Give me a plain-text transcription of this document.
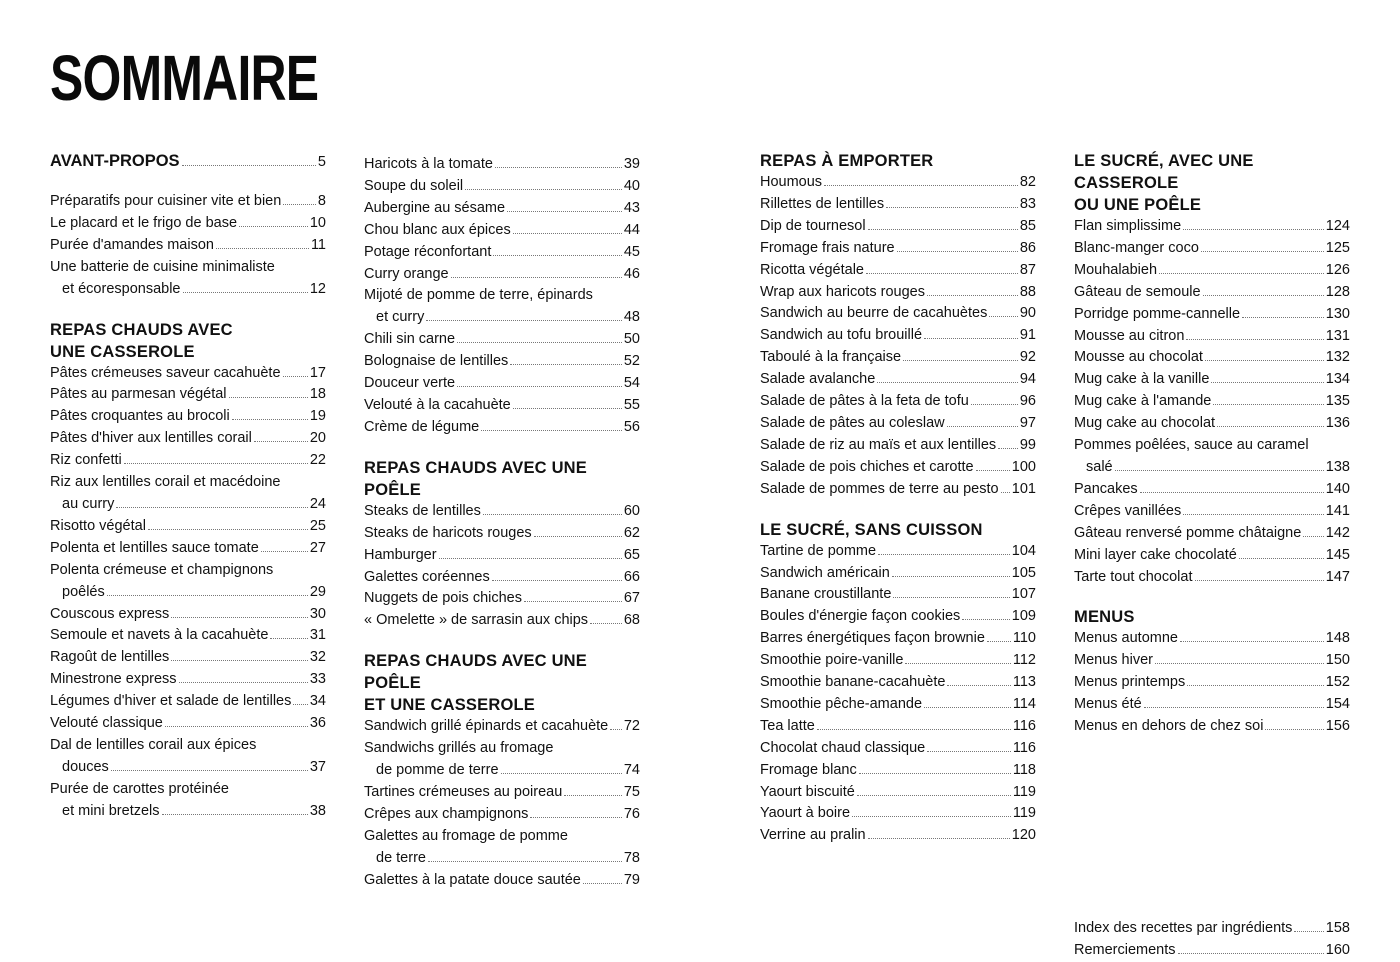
SOMMAIRE
AVANT-PROPOS	5
Préparatifs pour cuisiner vite et bien	8
Le placard et le frigo de base	10
Purée d'amandes maison	11
Une batterie de cuisine minimaliste
et écoresponsable	12
REPAS CHAUDS AVEC
UNE CASSEROLE
Pâtes crémeuses saveur cacahuète 17
Pâtes au parmesan végétal	18
Pâtes croquantes au brocoli	19
Pâtes d'hiver aux lentilles corail	20
Riz confetti	22
Riz aux lentilles corail et macédoine
au curry	24
Risotto végétal	25
Polenta et lentilles sauce tomate	27
Polenta crémeuse et champignons
poêlés	29
Couscous express	30
Semoule et navets à la cacahuète	31
Ragoût de lentilles	32
Minestrone express	33
Légumes d'hiver et salade de lentilles 34
Velouté classique	36
Dal de lentilles corail aux épices
douces	37
Purée de carottes protéinée
et mini bretzels	38
Haricots à la tomate	39
Soupe du soleil	40
Aubergine au sésame	43
Chou blanc aux épices	44
Potage réconfortant	45
Curry orange	46
Mijoté de pomme de terre, épinards
et curry	48
Chili sin carne	50
Bolognaise de lentilles	52
Douceur verte	54
Velouté à la cacahuète	55
Crème de légume	56
REPAS CHAUDS AVEC UNE POÊLE
Steaks de lentilles	60
Steaks de haricots rouges	62
Hamburger	65
Galettes coréennes	66
Nuggets de pois chiches	67
« Omelette » de sarrasin aux chips 68
REPAS CHAUDS AVEC UNE POÊLE
ET UNE CASSEROLE
Sandwich grillé épinards et cacahuète 72
Sandwichs grillés au fromage
de pomme de terre	74
Tartines crémeuses au poireau	75
Crêpes aux champignons	76
Galettes au fromage de pomme
de terre	78
Galettes à la patate douce sautée	79
REPAS À EMPORTER
Houmous	82
Rillettes de lentilles	83
Dip de tournesol	85
Fromage frais nature	86
Ricotta végétale	87
Wrap aux haricots rouges	88
Sandwich au beurre de cacahuètes 90
Sandwich au tofu brouillé	91
Taboulé à la française	92
Salade avalanche	94
Salade de pâtes à la feta de tofu	96
Salade de pâtes au coleslaw	97
Salade de riz au maïs et aux lentilles 99
Salade de pois chiches et carotte	100
Salade de pommes de terre au pesto 101
LE SUCRÉ, SANS CUISSON
Tartine de pomme	104
Sandwich américain	105
Banane croustillante	107
Boules d'énergie façon cookies	109
Barres énergétiques façon brownie 110
Smoothie poire-vanille	112
Smoothie banane-cacahuète	113
Smoothie pêche-amande	114
Tea latte	116
Chocolat chaud classique	116
Fromage blanc	118
Yaourt biscuité	119
Yaourt à boire	119
Verrine au pralin	120
LE SUCRÉ, AVEC UNE CASSEROLE
OU UNE POÊLE
Flan simplissime	124
Blanc-manger coco	125
Mouhalabieh	126
Gâteau de semoule	128
Porridge pomme-cannelle	130
Mousse au citron	131
Mousse au chocolat	132
Mug cake à la vanille	134
Mug cake à l'amande	135
Mug cake au chocolat	136
Pommes poêlées, sauce au caramel
salé	138
Pancakes	140
Crêpes vanillées	141
Gâteau renversé pomme châtaigne 142
Mini layer cake chocolaté	145
Tarte tout chocolat	147
MENUS
Menus automne	148
Menus hiver	150
Menus printemps	152
Menus été	154
Menus en dehors de chez soi	156
Index des recettes par ingrédients 158
Remerciements	160
